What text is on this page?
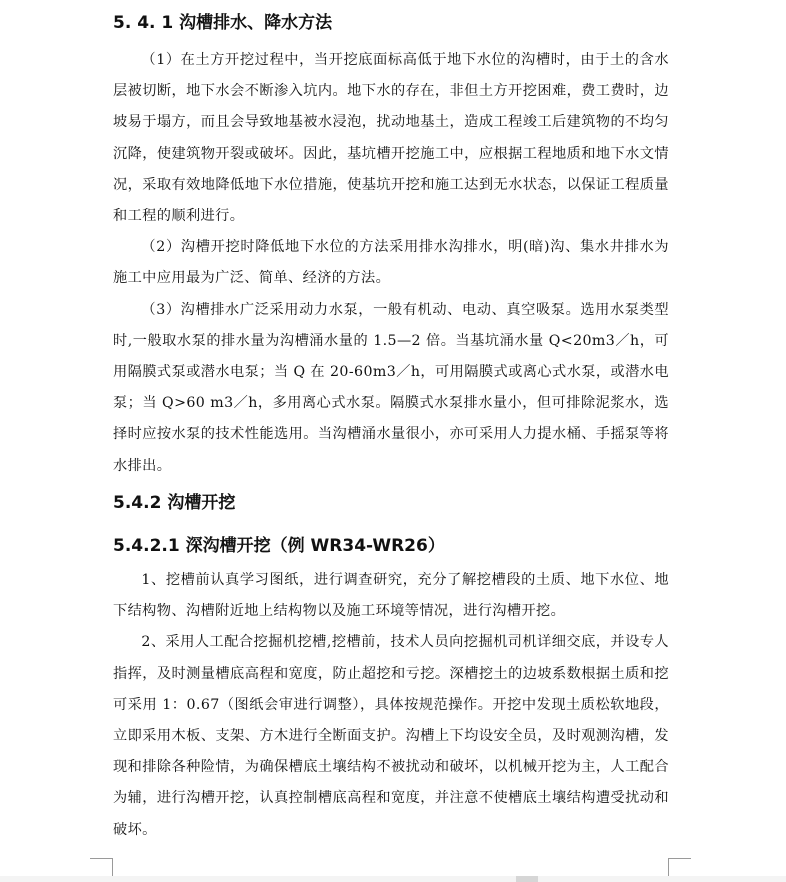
5. 4. 1 沟槽排水、降水方法

（1）在土方开挖过程中，当开挖底面标高低于地下水位的沟槽时，由于土的含水层被切断，地下水会不断渗入坑内。地下水的存在，非但土方开挖困难，费工费时，边坡易于塌方，而且会导致地基被水浸泡，扰动地基土，造成工程竣工后建筑物的不均匀沉降，使建筑物开裂或破坏。因此，基坑槽开挖施工中，应根据工程地质和地下水文情况，采取有效地降低地下水位措施，使基坑开挖和施工达到无水状态，以保证工程质量和工程的顺利进行。

（2）沟槽开挖时降低地下水位的方法采用排水沟排水，明(暗)沟、集水井排水为施工中应用最为广泛、简单、经济的方法。

（3）沟槽排水广泛采用动力水泵，一般有机动、电动、真空吸泵。选用水泵类型时,一般取水泵的排水量为沟槽涌水量的 1.5—2 倍。当基坑涌水量 Q<20m3／h，可用隔膜式泵或潜水电泵；当 Q 在 20-60m3／h，可用隔膜式或离心式水泵，或潜水电泵；当 Q>60 m3／h，多用离心式水泵。隔膜式水泵排水量小，但可排除泥浆水，选择时应按水泵的技术性能选用。当沟槽涌水量很小，亦可采用人力提水桶、手摇泵等将水排出。

5.4.2 沟槽开挖
5.4.2.1 深沟槽开挖（例 WR34-WR26）

1、挖槽前认真学习图纸，进行调查研究，充分了解挖槽段的土质、地下水位、地下结构物、沟槽附近地上结构物以及施工环境等情况，进行沟槽开挖。

2、采用人工配合挖掘机挖槽,挖槽前，技术人员向挖掘机司机详细交底，并设专人指挥，及时测量槽底高程和宽度，防止超挖和亏挖。深槽挖土的边坡系数根据土质和挖可采用 1：0.67（图纸会审进行调整），具体按规范操作。开挖中发现土质松软地段，立即采用木板、支架、方木进行全断面支护。沟槽上下均设安全员，及时观测沟槽，发现和排除各种险情，为确保槽底土壤结构不被扰动和破坏，以机械开挖为主，人工配合为辅，进行沟槽开挖，认真控制槽底高程和宽度，并注意不使槽底土壤结构遭受扰动和破坏。
